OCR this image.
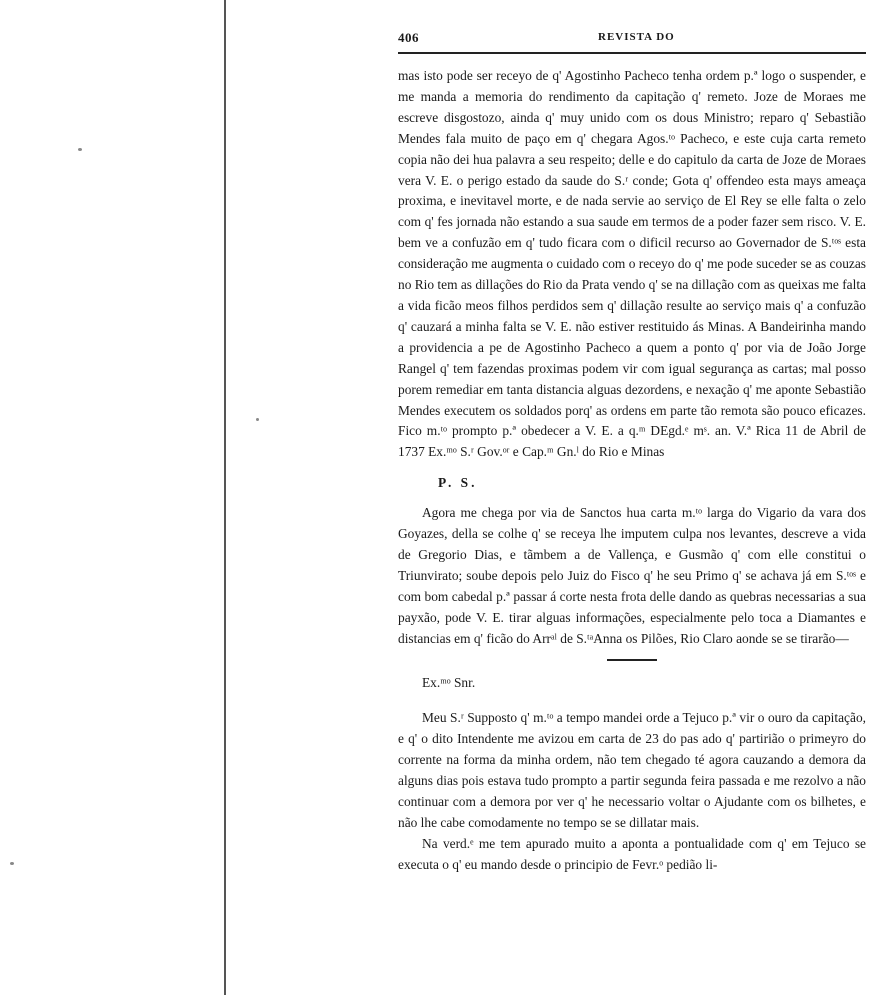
406	REVISTA DO

mas isto pode ser receyo de q' Agostinho Pacheco tenha ordem p.ª logo o suspender, e me manda a memoria do rendimento da capitação q' remeto. Joze de Moraes me escreve disgostozo, ainda q' muy unido com os dous Ministro; reparo q' Sebastião Mendes fala muito de paço em q' chegara Agos.ᵗᵒ Pacheco, e este cuja carta remeto copia não dei hua palavra a seu respeito; delle e do capitulo da carta de Joze de Moraes vera V. E. o perigo estado da saude do S.ʳ conde; Gota q' offendeo esta mays ameaça proxima, e inevitavel morte, e de nada servie ao serviço de El Rey se elle falta o zelo com q' fes jornada não estando a sua saude em termos de a poder fazer sem risco. V. E. bem ve a confuzão em q' tudo ficara com o dificil recurso ao Governador de S.ᵗᵒˢ esta consideração me augmenta o cuidado com o receyo do q' me pode suceder se as couzas no Rio tem as dillações do Rio da Prata vendo q' se na dillação com as queixas me falta a vida ficão meos filhos perdidos sem q' dillação resulte ao serviço mais q' a confuzão q' cauzará a minha falta se V. E. não estiver restituido ás Minas. A Bandeirinha mando a providencia a pe de Agostinho Pacheco a quem a ponto q' por via de João Jorge Rangel q' tem fazendas proximas podem vir com igual segurança as cartas; mal posso porem remediar em tanta distancia alguas dezordens, e nexação q' me aponte Sebastião Mendes executem os soldados porq' as ordens em parte tão remota são pouco eficazes. Fico m.ᵗᵒ prompto p.ª obedecer a V. E. a q.ᵐ DEgd.ᵉ mˢ. an. V.ª Rica 11 de Abril de 1737 Ex.ᵐᵒ S.ʳ Gov.ᵒʳ e Cap.ᵐ Gn.ˡ do Rio e Minas

P. S.

Agora me chega por via de Sanctos hua carta m.ᵗᵒ larga do Vigario da vara dos Goyazes, della se colhe q' se receya lhe imputem culpa nos levantes, descreve a vida de Gregorio Dias, e tãmbem a de Vallença, e Gusmão q' com elle constitui o Triunvirato; soube depois pelo Juiz do Fisco q' he seu Primo q' se achava já em S.ᵗᵒˢ e com bom cabedal p.ª passar á corte nesta frota delle dando as quebras necessarias a sua payxão, pode V. E. tirar alguas informações, especialmente pelo toca a Diamantes e distancias em q' ficão do Arrᵃˡ de S.ᵗᵃAnna os Pilões, Rio Claro aonde se se tirarão—

Ex.ᵐᵒ Snr.

Meu S.ʳ Supposto q' m.ᵗᵒ a tempo mandei orde a Tejuco p.ª vir o ouro da capitação, e q' o dito Intendente me avizou em carta de 23 do pas ado q' partirião o primeyro do corrente na forma da minha ordem, não tem chegado té agora cauzando a demora da alguns dias pois estava tudo prompto a partir segunda feira passada e me rezolvo a não continuar com a demora por ver q' he necessario voltar o Ajudante com os bilhetes, e não lhe cabe comodamente no tempo se se dillatar mais.

Na verd.ᵉ me tem apurado muito a aponta a pontualidade com q' em Tejuco se executa o q' eu mando desde o principio de Fevr.ᵒ pedião li-
